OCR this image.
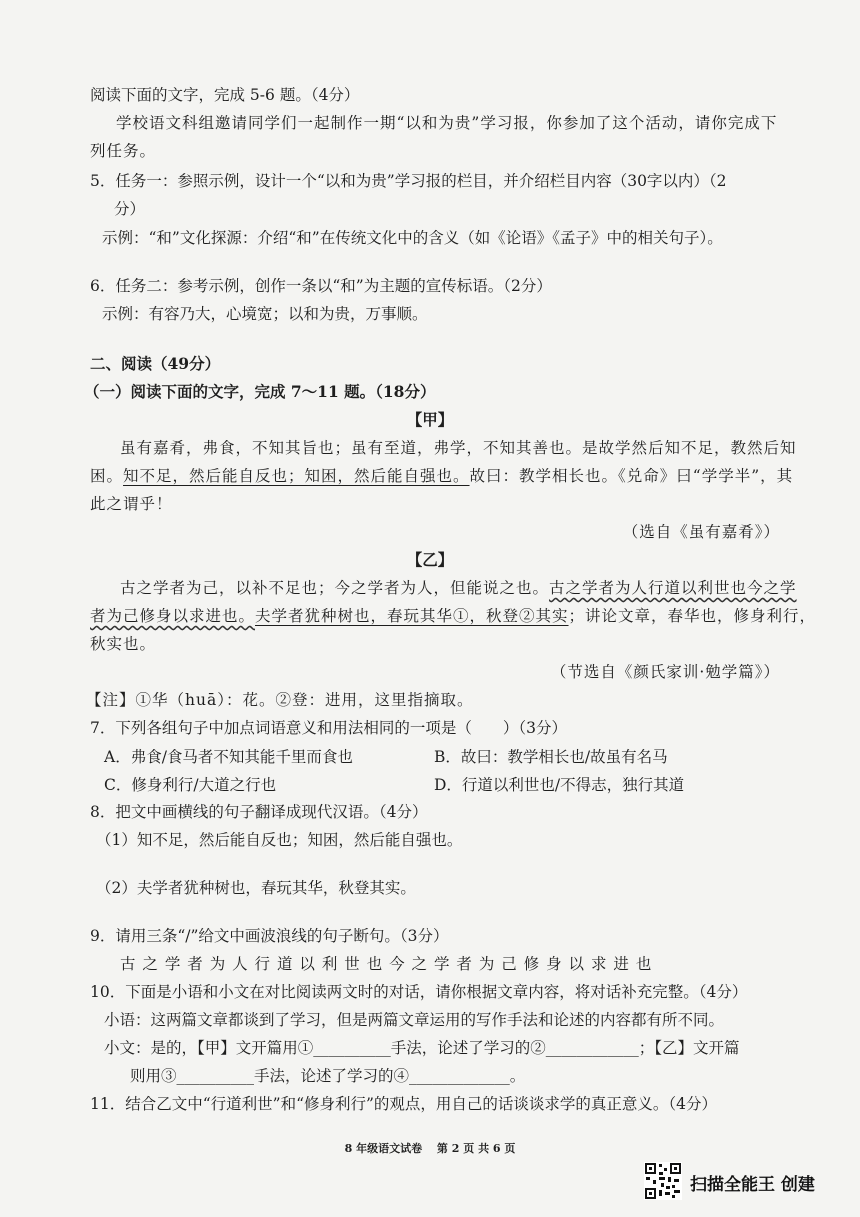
阅读下面的文字，完成 5-6 题。（4分）
学校语文科组邀请同学们一起制作一期“以和为贵”学习报，你参加了这个活动，请你完成下
列任务。
5．任务一：参照示例，设计一个“以和为贵”学习报的栏目，并介绍栏目内容（30字以内）（2
分）
示例：“和”文化探源：介绍“和”在传统文化中的含义（如《论语》《孟子》中的相关句子）。
6．任务二：参考示例，创作一条以“和”为主题的宣传标语。（2分）
示例：有容乃大，心境宽；以和为贵，万事顺。
二、阅读（49分）
（一）阅读下面的文字，完成 7～11 题。（18分）
【甲】
虽有嘉肴，弗食，不知其旨也；虽有至道，弗学，不知其善也。是故学然后知不足，教然后知
困。知不足，然后能自反也；知困，然后能自强也。故曰：教学相长也。《兑命》曰“学学半”，其
此之谓乎！
（选自《虽有嘉肴》）
【乙】
古之学者为己，以补不足也；今之学者为人，但能说之也。古之学者为人行道以利世也今之学
者为己修身以求进也。夫学者犹种树也，春玩其华①，秋登②其实；讲论文章，春华也，修身利行，
秋实也。
（节选自《颜氏家训·勉学篇》）
【注】①华（huā）：花。②登：进用，这里指摘取。
7．下列各组句子中加点词语意义和用法相同的一项是（　　）（3分）
A．弗食/食马者不知其能千里而食也	B．故曰：教学相长也/故虽有名马
C．修身利行/大道之行也	D．行道以利世也/不得志，独行其道
8．把文中画横线的句子翻译成现代汉语。（4分）
（1）知不足，然后能自反也；知困，然后能自强也。
（2）夫学者犹种树也，春玩其华，秋登其实。
9．请用三条“/”给文中画波浪线的句子断句。（3分）
古 之 学 者 为 人 行 道 以 利 世 也 今 之 学 者 为 己 修 身 以 求 进 也
10．下面是小语和小文在对比阅读两文时的对话，请你根据文章内容，将对话补充完整。（4分）
小语：这两篇文章都谈到了学习，但是两篇文章运用的写作手法和论述的内容都有所不同。
小文：是的，【甲】文开篇用①__________手法，论述了学习的②____________；【乙】文开篇
则用③__________手法，论述了学习的④_____________。
11．结合乙文中“行道利世”和“修身利行”的观点，用自己的话谈谈求学的真正意义。（4分）
8 年级语文试卷　 第 2 页 共 6 页
扫描全能王 创建
